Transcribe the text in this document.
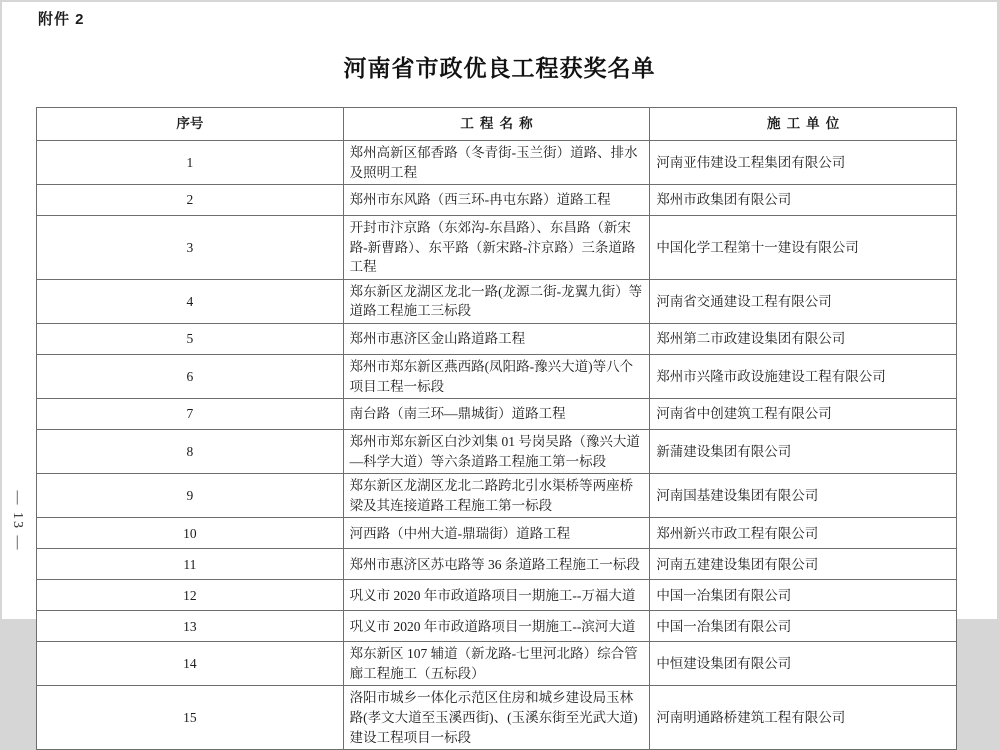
附件 2
河南省市政优良工程获奖名单
— 13 —
序号	工程名称	施工单位
1	郑州高新区郁香路（冬青街-玉兰街）道路、排水及照明工程	河南亚伟建设工程集团有限公司
2	郑州市东风路（西三环-冉屯东路）道路工程	郑州市政集团有限公司
3	开封市汴京路（东郊沟-东昌路）、东昌路（新宋路-新曹路）、东平路（新宋路-汴京路）三条道路工程	中国化学工程第十一建设有限公司
4	郑东新区龙湖区龙北一路(龙源二街-龙翼九街）等道路工程施工三标段	河南省交通建设工程有限公司
5	郑州市惠济区金山路道路工程	郑州第二市政建设集团有限公司
6	郑州市郑东新区燕西路(凤阳路-豫兴大道)等八个项目工程一标段	郑州市兴隆市政设施建设工程有限公司
7	南台路（南三环—鼎城街）道路工程	河南省中创建筑工程有限公司
8	郑州市郑东新区白沙刘集 01 号岗吴路（豫兴大道—科学大道）等六条道路工程施工第一标段	新蒲建设集团有限公司
9	郑东新区龙湖区龙北二路跨北引水渠桥等两座桥梁及其连接道路工程施工第一标段	河南国基建设集团有限公司
10	河西路（中州大道-鼎瑞街）道路工程	郑州新兴市政工程有限公司
11	郑州市惠济区苏屯路等 36 条道路工程施工一标段	河南五建建设集团有限公司
12	巩义市 2020 年市政道路项目一期施工--万福大道	中国一冶集团有限公司
13	巩义市 2020 年市政道路项目一期施工--滨河大道	中国一冶集团有限公司
14	郑东新区 107 辅道（新龙路-七里河北路）综合管廊工程施工（五标段）	中恒建设集团有限公司
15	洛阳市城乡一体化示范区住房和城乡建设局玉林路(孝文大道至玉溪西街)、(玉溪东街至光武大道)建设工程项目一标段	河南明通路桥建筑工程有限公司
